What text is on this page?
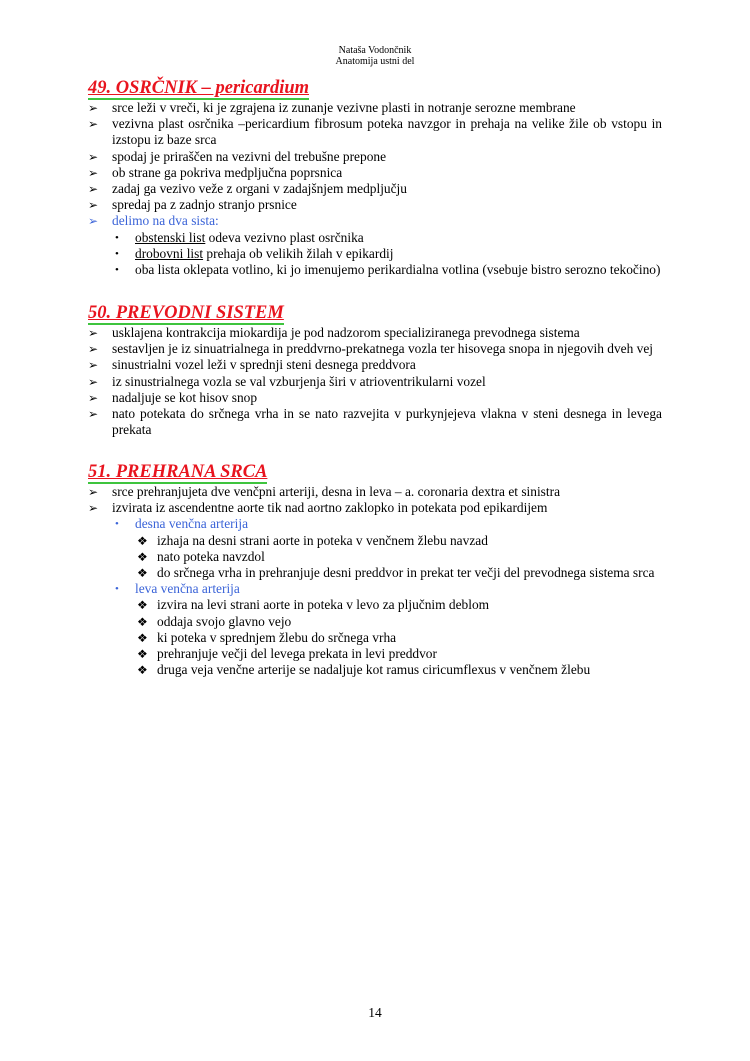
Nataša Vodončnik
Anatomija ustni del
49. OSRČNIK – pericardium
➢ srce leži v vreči, ki je zgrajena iz zunanje vezivne plasti in notranje serozne membrane
➢ vezivna plast osrčnika –pericardium fibrosum poteka navzgor in prehaja na velike žile ob vstopu in izstopu iz baze srca
➢ spodaj je priraščen na vezivni del trebušne prepone
➢ ob strane ga pokriva medpljučna poprsnica
➢ zadaj ga vezivo veže z organi v zadajšnjem medpljučju
➢ spredaj pa z zadnjo stranjo prsnice
➢ delimo na dva sista:
• obstenski list odeva vezivno plast osrčnika
• drobovni list prehaja ob velikih žilah v epikardij
• oba lista oklepata votlino, ki jo imenujemo perikardialna votlina (vsebuje bistro serozno tekočino)
50. PREVODNI SISTEM
➢ usklajena kontrakcija miokardija je pod nadzorom specializiranega prevodnega sistema
➢ sestavljen je iz sinuatrialnega in preddvrno-prekatnega vozla ter hisovega snopa in njegovih dveh vej
➢ sinustrialni vozel leži v sprednji steni desnega preddvora
➢ iz sinustrialnega vozla se val vzburjenja širi v atrioventrikularni vozel
➢ nadaljuje se kot hisov snop
➢ nato potekata do srčnega vrha in se nato razvejita v purkynjejeva vlakna v steni desnega in levega prekata
51. PREHRANA SRCA
➢ srce prehranjujeta dve venčpni arteriji, desna in leva – a. coronaria dextra et sinistra
➢ izvirata iz ascendentne aorte tik nad aortno zaklopko in potekata pod epikardijem
• desna venčna arterija
❖ izhaja na desni strani aorte in poteka v venčnem žlebu navzad
❖ nato poteka navzdol
❖ do srčnega vrha in prehranjuje desni preddvor in prekat ter večji del prevodnega sistema srca
• leva venčna arterija
❖ izvira na levi strani aorte in poteka v levo za pljučnim deblom
❖ oddaja svojo glavno vejo
❖ ki poteka v sprednjem žlebu do srčnega vrha
❖ prehranjuje večji del levega prekata in levi preddvor
❖ druga veja venčne arterije se nadaljuje kot ramus ciricumflexus v venčnem žlebu
14
